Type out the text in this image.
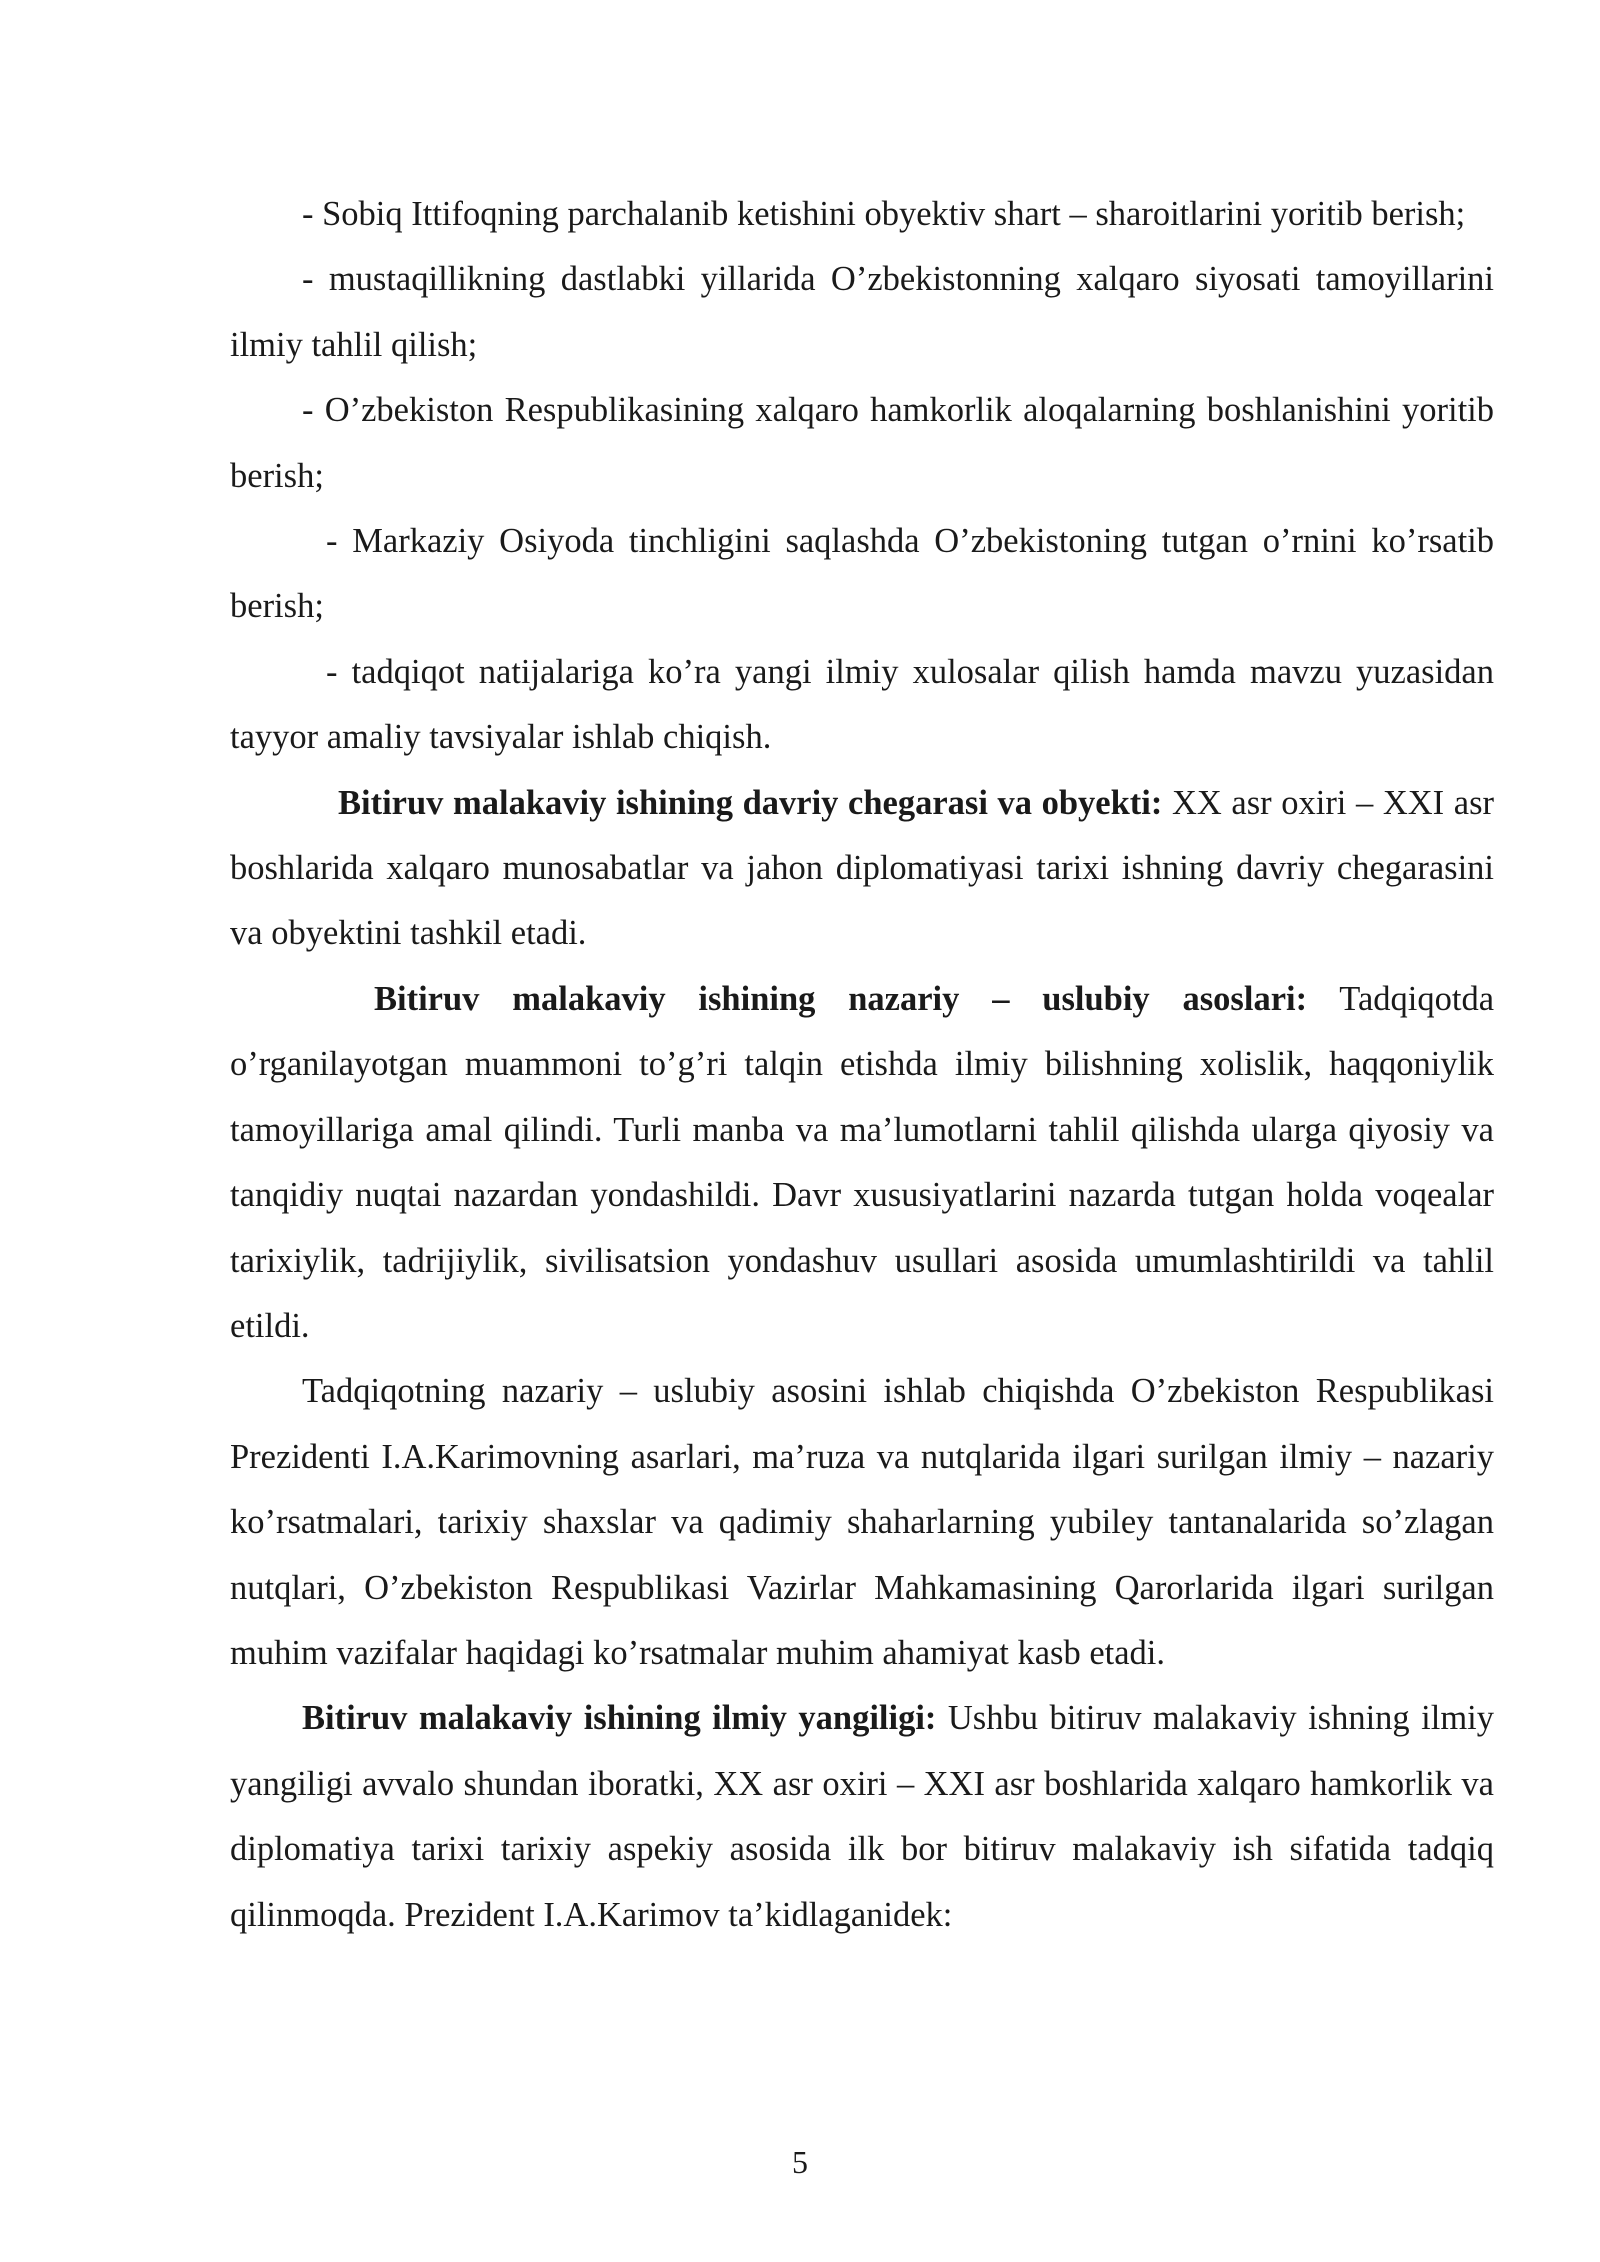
- Sobiq Ittifoqning parchalanib ketishini obyektiv shart – sharoitlarini yoritib berish;

- mustaqillikning dastlabki yillarida O’zbekistonning xalqaro siyosati tamoyillarini ilmiy tahlil qilish;

- O’zbekiston Respublikasining xalqaro hamkorlik aloqalarning boshlanishini yoritib berish;

- Markaziy Osiyoda tinchligini saqlashda O’zbekistoning tutgan o’rnini ko’rsatib berish;

- tadqiqot natijalariga ko’ra yangi ilmiy xulosalar qilish hamda mavzu yuzasidan tayyor amaliy tavsiyalar ishlab chiqish.

Bitiruv malakaviy ishining davriy chegarasi va obyekti: XX asr oxiri – XXI asr boshlarida xalqaro munosabatlar va jahon diplomatiyasi tarixi ishning davriy chegarasini va obyektini tashkil etadi.

Bitiruv malakaviy ishining nazariy – uslubiy asoslari: Tadqiqotda o’rganilayotgan muammoni to’g’ri talqin etishda ilmiy bilishning xolislik, haqqoniylik tamoyillariga amal qilindi. Turli manba va ma’lumotlarni tahlil qilishda ularga qiyosiy va tanqidiy nuqtai nazardan yondashildi. Davr xususiyatlarini nazarda tutgan holda voqealar tarixiylik, tadrijiylik, sivilisatsion yondashuv usullari asosida umumlashtirildi va tahlil etildi.

Tadqiqotning nazariy – uslubiy asosini ishlab chiqishda O’zbekiston Respublikasi Prezidenti I.A.Karimovning asarlari, ma’ruza va nutqlarida ilgari surilgan ilmiy – nazariy ko’rsatmalari, tarixiy shaxslar va qadimiy shaharlarning yubiley tantanalarida so’zlagan nutqlari, O’zbekiston Respublikasi Vazirlar Mahkamasining Qarorlarida ilgari surilgan muhim vazifalar haqidagi ko’rsatmalar muhim ahamiyat kasb etadi.

Bitiruv malakaviy ishining ilmiy yangiligi: Ushbu bitiruv malakaviy ishning ilmiy yangiligi avvalo shundan iboratki, XX asr oxiri – XXI asr boshlarida xalqaro hamkorlik va diplomatiya tarixi tarixiy aspekiy asosida ilk bor bitiruv malakaviy ish sifatida tadqiq qilinmoqda. Prezident I.A.Karimov ta’kidlaganidek:

5
